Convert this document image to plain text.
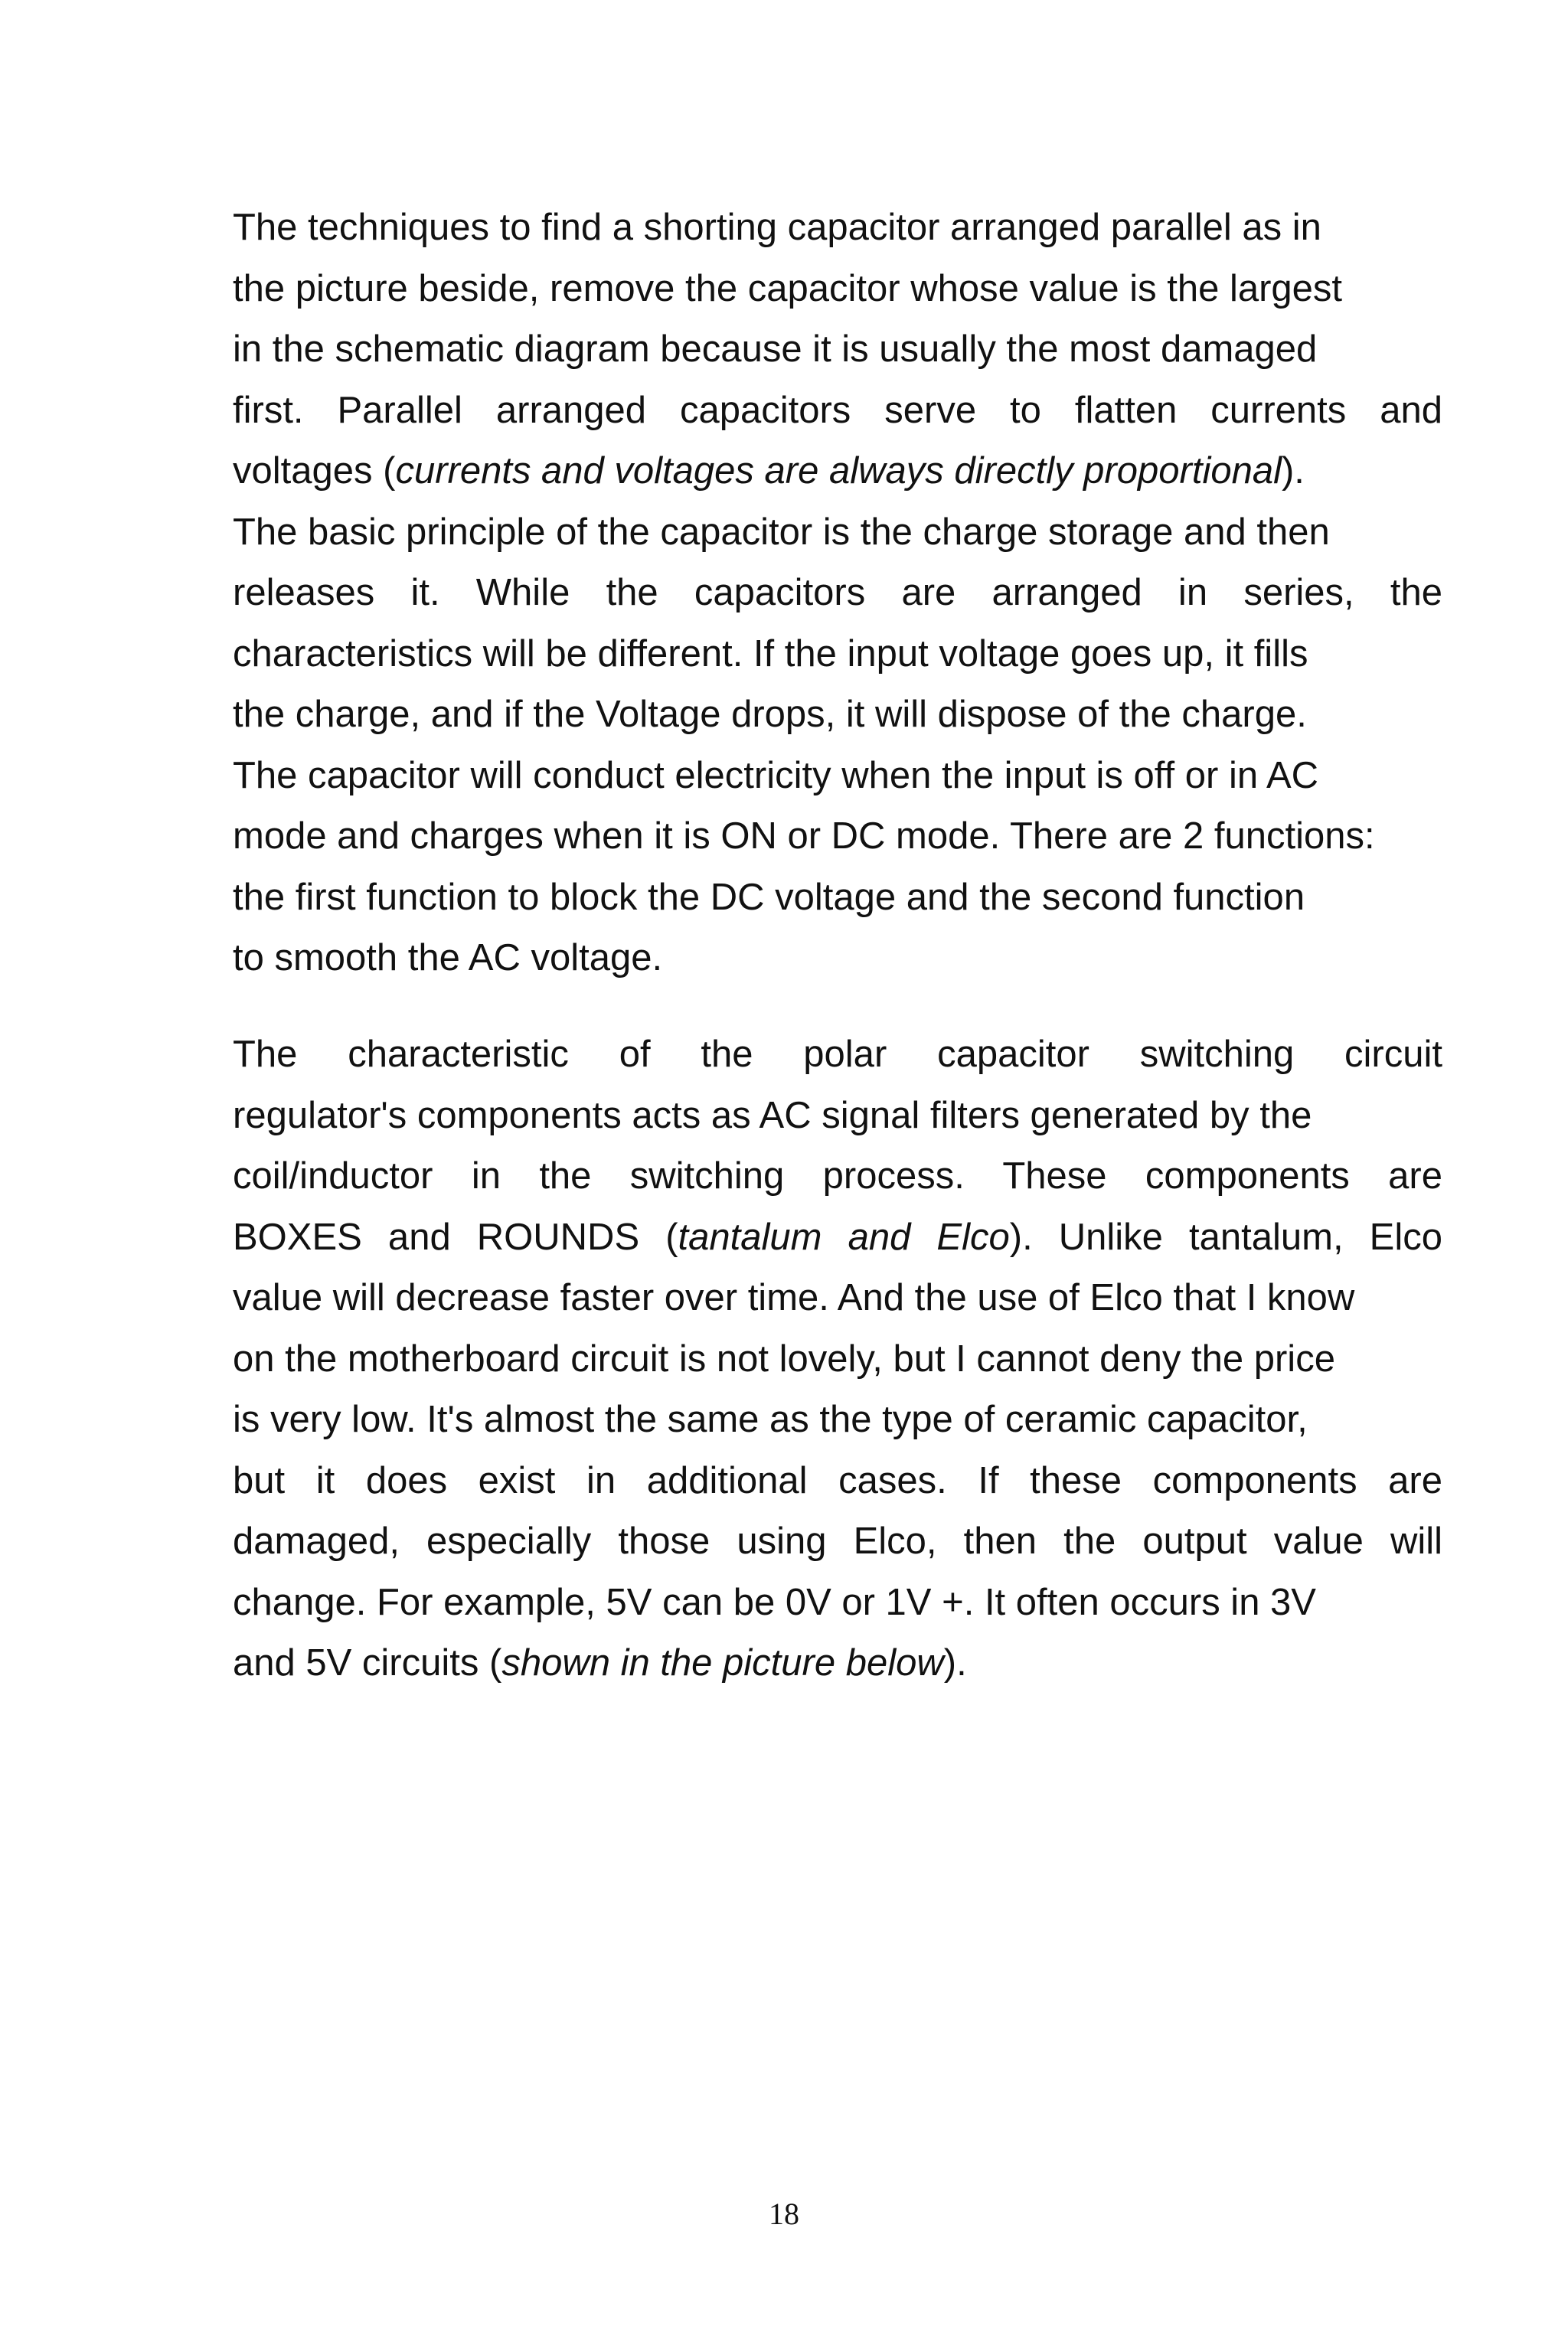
The techniques to find a shorting capacitor arranged parallel as in
the picture beside, remove the capacitor whose value is the largest
in the schematic diagram because it is usually the most damaged
first. Parallel arranged capacitors serve to flatten currents and
voltages (currents and voltages are always directly proportional).
The basic principle of the capacitor is the charge storage and then
releases it. While the capacitors are arranged in series, the
characteristics will be different. If the input voltage goes up, it fills
the charge, and if the Voltage drops, it will dispose of the charge.
The capacitor will conduct electricity when the input is off or in AC
mode and charges when it is ON or DC mode. There are 2 functions:
the first function to block the DC voltage and the second function
to smooth the AC voltage.
The characteristic of the polar capacitor switching circuit
regulator's components acts as AC signal filters generated by the
coil/inductor in the switching process. These components are
BOXES and ROUNDS (tantalum and Elco). Unlike tantalum, Elco
value will decrease faster over time. And the use of Elco that I know
on the motherboard circuit is not lovely, but I cannot deny the price
is very low. It's almost the same as the type of ceramic capacitor,
but it does exist in additional cases. If these components are
damaged, especially those using Elco, then the output value will
change. For example, 5V can be 0V or 1V +. It often occurs in 3V
and 5V circuits (shown in the picture below).
18
